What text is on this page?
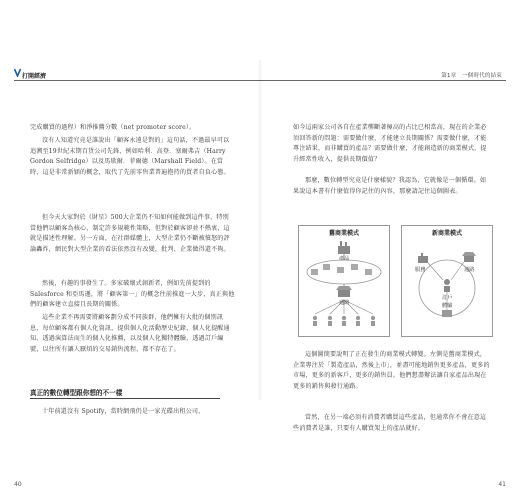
打開經濟
完成購買的過程）和淨推薦分數（net promoter score）。
沒有人知道究竟是誰說出「顧客永遠是對的」這句話，不過最早可以追溯至19世紀末期百貨公司先鋒，例如哈利．高登．塞爾弗吉（Harry Gordon Selfridge）以及馬歇爾．菲爾德（Marshall Field）。在當時，這是非常新穎的概念，取代了先前零售業普遍抱持的買者自負心態。
但今天大家對於《財星》500大企業仍不知如何能做到這件事，特別當他們以顧客為核心，制定許多規範性策略，但對於顧客卻並不熱衷，這就是描述性理解。另一方面，在社群媒體上，大型企業仍不斷被憤怒的評論轟炸，網民對大型企業的看法依然沒有改變，批判、企業做得還不夠。
然後，有趣的事發生了。多家破壞式創新者，例如先前提到的 Salesforce 和亞馬遜，將「顧客第一」的概念往前推進一大步，真正與他們的顧客建立直接且長期的關係。
這些企業不再需要將顧客劃分成不同族群，他們擁有大批的個別訊息，每位顧客都有個人化資訊，提供個人化活動歷史紀錄、個人化提醒通知、透過演算法而生的個人化推薦，以及個人化獨特體驗，透過訂戶編號，以往所有讓人厭煩的交易銷售流程，都不存在了。
真正的數位轉型跟你想的不一樣
十年前還沒有 Spotify，當時網飛仍是一家光碟出租公司，
40
第1章　一個時代的結束
如今這兩家公司各自在產業壟斷著極高的占比已相當高，現在的企業必須回答新的問題：需要做什麼，才能建立長期關係？需要做什麼，才能專注結果，而非購買的產品？需要做什麼，才能創造新的商業模式，提升經常性收入，提供長期價值？
那麼，數位轉型究竟是什麼樣貌？我認為，它就像是一個循環。如果說這本書有什麼值得你記住的內容，那麼請記住這個圖表。
舊商業模式
產品
通路
新商業模式
服務
訂戶
體驗
通路
這個圖簡要說明了正在發生的商業模式轉變。左側是舊商業模式，企業專注於「製造產品，然後上市」，並盡可能地銷售更多產品，更多的市場，更多的新客戶，更多的銷售員。他們想盡辦法讓自家產品出現在更多的銷售與發行通路。
當然，在另一端必須有消費者購買這些產品，但通常你不會在意這些消費者是誰，只要有人購買架上的產品就好。
41
